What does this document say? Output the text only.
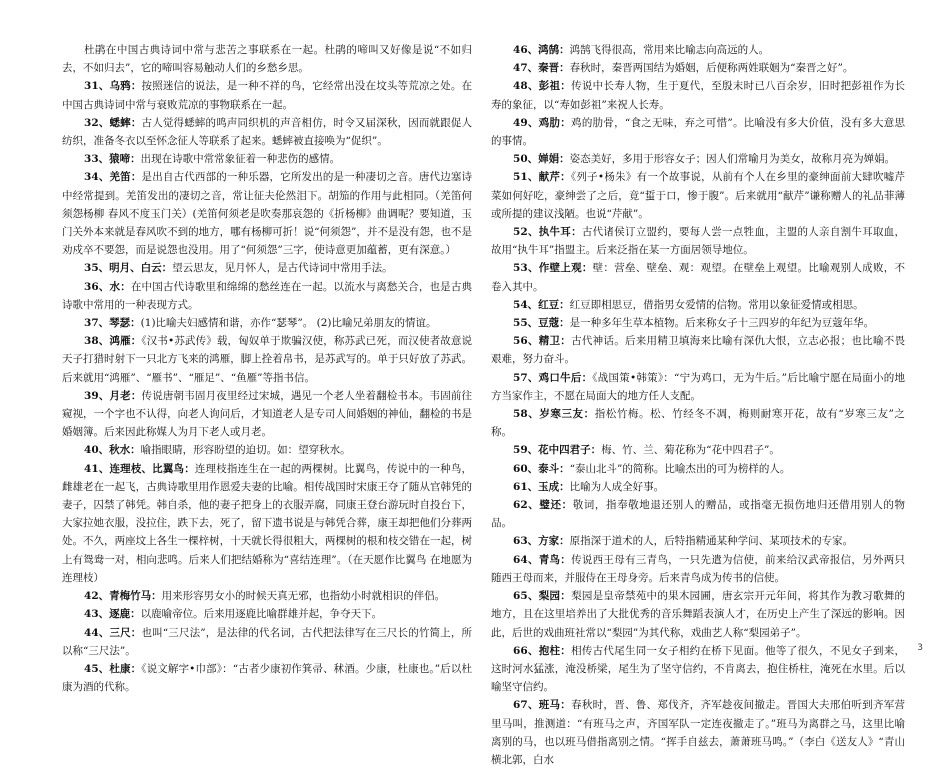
杜鹃在中国古典诗词中常与悲苦之事联系在一起。杜鹃的啼叫又好像是说“不如归去，不如归去”，它的啼叫容易触动人们的乡愁乡思。

31、乌鸦：按照迷信的说法，是一种不祥的鸟，它经常出没在坟头等荒凉之处。在中国古典诗词中常与衰败荒凉的事物联系在一起。

32、蟋蟀：古人觉得蟋蟀的鸣声同织机的声音相仿，时令又届深秋，因而就跟促人纺织，准备冬衣以至怀念征人等联系了起来。蟋蟀被直接唤为“促织”。

33、猿啼：出现在诗歌中常常象征着一种悲伤的感情。

34、羌笛：是出自古代西部的一种乐器，它所发出的是一种凄切之音。唐代边塞诗中经常提到。羌笛发出的凄切之音，常让征夫伦然泪下。胡笳的作用与此相同。（羌笛何须怨杨柳 春风不度玉门关）(羌笛何须老是吹奏那哀怨的《折杨柳》曲调呢？要知道，玉门关外本来就是春风吹不到的地方，哪有杨柳可折！说“何须怨”，并不是没有怨，也不是劝戍卒不要怨，而是说怨也没用。用了“何须怨”三字，使诗意更加蕴蓄，更有深意。）

35、明月、白云：望云思友，见月怀人，是古代诗词中常用手法。

36、水：在中国古代诗歌里和绵绵的愁丝连在一起。以流水与离愁关合，也是古典诗歌中常用的一种表现方式。

37、琴瑟：(1)比喻夫妇感情和谐，亦作“瑟琴”。 (2)比喻兄弟朋友的情谊。

38、鸿雁：《汉书•苏武传》载，匈奴单于欺骗汉使，称苏武已死，而汉使者故意说天子打猎时射下一只北方飞来的鸿雁，脚上拴着帛书，是苏武写的。单于只好放了苏武。后来就用“鸿雁”、“雁书”、“雁足”、“鱼雁”等指书信。

39、月老：传说唐朝韦固月夜里经过宋城，遇见一个老人坐着翻检书本。韦固前往窥视，一个字也不认得，向老人询问后，才知道老人是专司人间婚姻的神仙，翻检的书是婚姻簿。后来因此称媒人为月下老人或月老。

40、秋水：喻指眼睛，形容盼望的迫切。如：望穿秋水。

41、连理枝、比翼鸟：连理枝指连生在一起的两棵树。比翼鸟，传说中的一种鸟，雌雄老在一起飞，古典诗歌里用作恩爱夫妻的比喻。相传战国时宋康王夺了随从官韩凭的妻子，囚禁了韩凭。韩自杀，他的妻子把身上的衣服弄腐，同康王登台游玩时自投台下，大家拉她衣服，没拉住，跌下去，死了，留下遗书说是与韩凭合葬，康王却把他们分葬两处。不久，两座坟上各生一棵梓树，十天就长得很粗大，两棵树的根和枝交错在一起，树上有鸳鸯一对，相向悲鸣。后来人们把结婚称为“喜结连理”。（在天愿作比翼鸟 在地愿为连理枝）

42、青梅竹马：用来形容男女小的时候天真无邪，也指幼小时就相识的伴侣。

43、逐鹿：以鹿喻帝位。后来用逐鹿比喻群雄并起，争夺天下。

44、三尺：也叫“三尺法”，是法律的代名词，古代把法律写在三尺长的竹简上，所以称“三尺法”。

45、杜康：《说文解字•巾部》：“古者少康初作箕帚、秫酒。少康，杜康也。”后以杜康为酒的代称。

46、鸿鹄：鸿鹄飞得很高，常用来比喻志向高远的人。

47、秦晋：春秋时，秦晋两国结为婚姻，后便称两姓联姻为“秦晋之好”。

48、彭祖：传说中长寿人物，生于夏代，至殷末时已八百余岁，旧时把彭祖作为长寿的象征，以“寿如彭祖”来祝人长寿。

49、鸡肋：鸡的肋骨，“食之无味，弃之可惜”。比喻没有多大价值，没有多大意思的事情。

50、婵娟：姿态美好，多用于形容女子；因人们常喻月为美女，故称月亮为婵娟。

51、献芹：《列子•杨朱》有一个故事说，从前有个人在乡里的豪绅面前大肆吹嘘芹菜如何好吃，豪绅尝了之后，竟“蜇于口，惨于腹”。后来就用“献芹”谦称赠人的礼品菲薄或所提的建议浅陋。也说“芹献”。

52、执牛耳：古代诸侯订立盟约，要每人尝一点牲血，主盟的人亲自割牛耳取血，故用“执牛耳”指盟主。后来泛指在某一方面居领导地位。

53、作壁上观：壁：营垒、壁垒、观：观望。在壁垒上观望。比喻观别人成败，不卷入其中。

54、红豆：红豆即相思豆，借指男女爱情的信物。常用以象征爱情或相思。

55、豆蔻：是一种多年生草本植物。后来称女子十三四岁的年纪为豆蔻年华。

56、精卫：古代神话。后来用精卫填海来比喻有深仇大恨，立志必报；也比喻不畏艰难，努力奋斗。

57、鸡口牛后：《战国策•韩策》：“宁为鸡口，无为牛后。”后比喻宁愿在局面小的地方当家作主，不愿在局面大的地方任人支配。

58、岁寒三友：指松竹梅。松、竹经冬不凋，梅则耐寒开花，故有“岁寒三友”之称。

59、花中四君子：梅、竹、兰、菊花称为“花中四君子”。

60、泰斗：“泰山北斗”的简称。比喻杰出的可为榜样的人。

61、玉成：比喻为人成全好事。

62、璧还：敬词，指奉敬地退还别人的赠品，或指毫无损伤地归还借用别人的物品。

63、方家：原指深于道术的人，后特指精通某种学问、某项技术的专家。

64、青鸟：传说西王母有三青鸟，一只先遣为信使，前来给汉武帝报信，另外两只随西王母而来，并服侍在王母身旁。后来青鸟成为传书的信使。

65、梨园：梨园是皇帝禁苑中的果木园圃，唐玄宗开元年间，将其作为教习歌舞的地方，且在这里培养出了大批优秀的音乐舞蹈表演人才，在历史上产生了深远的影响。因此，后世的戏曲班社常以“梨园”为其代称，戏曲艺人称“梨园弟子”。

66、抱柱：相传古代尾生同一女子相约在桥下见面。他等了很久，不见女子到来，这时河水猛涨，淹没桥梁，尾生为了坚守信约，不肯离去，抱住桥柱，淹死在水里。后以喻坚守信约。

67、班马：春秋时，晋、鲁、郑伐齐，齐军趁夜间撤走。晋国大夫邢伯听到齐军营里马叫，推测道：“有班马之声，齐国军队一定连夜撤走了。”班马为离群之马，这里比喻离别的马，也以班马借指离别之情。“挥手自兹去，萧萧班马鸣。”（李白《送友人》“青山横北郭，白水

3
